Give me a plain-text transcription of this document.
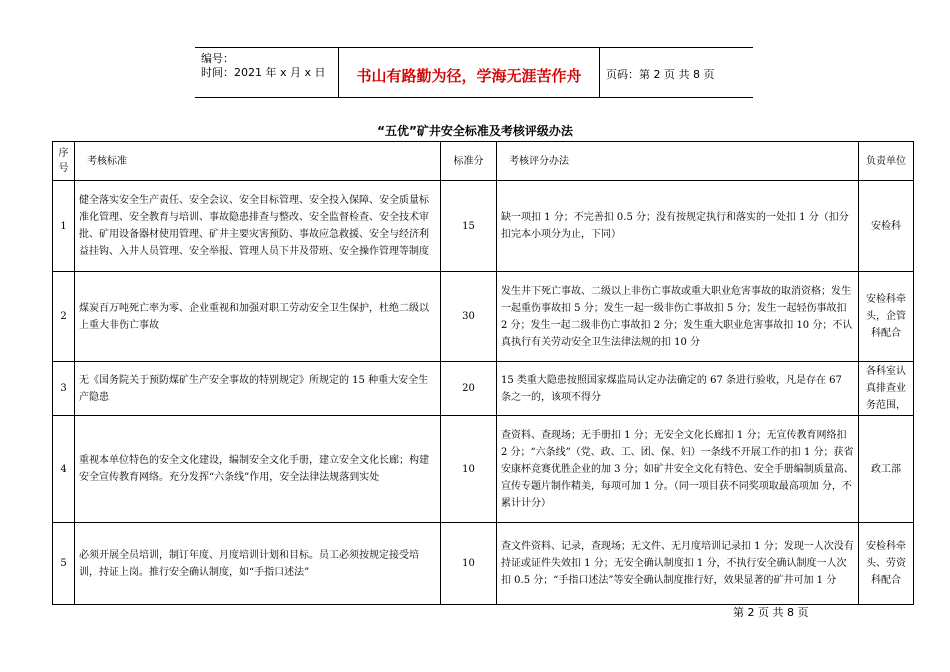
编号：
时间：2021 年 x 月 x 日	书山有路勤为径，学海无涯苦作舟	页码：第 2 页 共 8 页
“五优”矿井安全标准及考核评级办法
序号	考核标准	标准分	考核评分办法	负责单位
1	健全落实安全生产责任、安全会议、安全目标管理、安全投入保障、安全质量标准化管理、安全教育与培训、事故隐患排查与整改、安全监督检查、安全技术审批、矿用设备器材使用管理、矿井主要灾害预防、事故应急救援、安全与经济利益挂钩、入井人员管理、安全举报、管理人员下井及带班、安全操作管理等制度	15	缺一项扣 1 分；不完善扣 0.5 分；没有按规定执行和落实的一处扣 1 分（扣分扣完本小项分为止，下同）	安检科
2	煤炭百万吨死亡率为零、企业重视和加强对职工劳动安全卫生保护，杜绝二级以上重大非伤亡事故	30	发生井下死亡事故、二级以上非伤亡事故或重大职业危害事故的取消资格；发生一起重伤事故扣 5 分；发生一起一级非伤亡事故扣 5 分；发生一起轻伤事故扣 2 分；发生一起二级非伤亡事故扣 2 分；发生重大职业危害事故扣 10 分；不认真执行有关劳动安全卫生法律法规的扣 10 分	安检科牵头，企管科配合
3	无《国务院关于预防煤矿生产安全事故的特别规定》所规定的 15 种重大安全生产隐患	20	15 类重大隐患按照国家煤监局认定办法确定的 67 条进行验收，凡是存在 67 条之一的，该项不得分	各科室认真排查业务范围，
4	重视本单位特色的安全文化建设，编制安全文化手册，建立安全文化长廊；构建安全宣传教育网络。充分发挥“六条线”作用，安全法律法规落到实处	10	查资料、查现场；无手册扣 1 分；无安全文化长廊扣 1 分；无宣传教育网络扣 2 分；“六条线”（党、政、工、团、保、妇）一条线不开展工作的扣 1 分；获省安康杯竞赛优胜企业的加 3 分；如矿井安全文化有特色、安全手册编制质量高、宣传专题片制作精美，每项可加 1 分。（同一项目获不同奖项取最高项加 分，不累计计分）	政工部
5	必须开展全员培训，制订年度、月度培训计划和目标。员工必须按规定接受培训，持证上岗。推行安全确认制度，如“手指口述法”	10	查文件资料、记录，查现场；无文件、无月度培训记录扣 1 分；发现一人次没有持证或证件失效扣 1 分；无安全确认制度扣 1 分，不执行安全确认制度一人次扣 0.5 分；“手指口述法”等安全确认制度推行好，效果显著的矿井可加 1 分	安检科牵头、劳资科配合
第 2 页 共 8 页
